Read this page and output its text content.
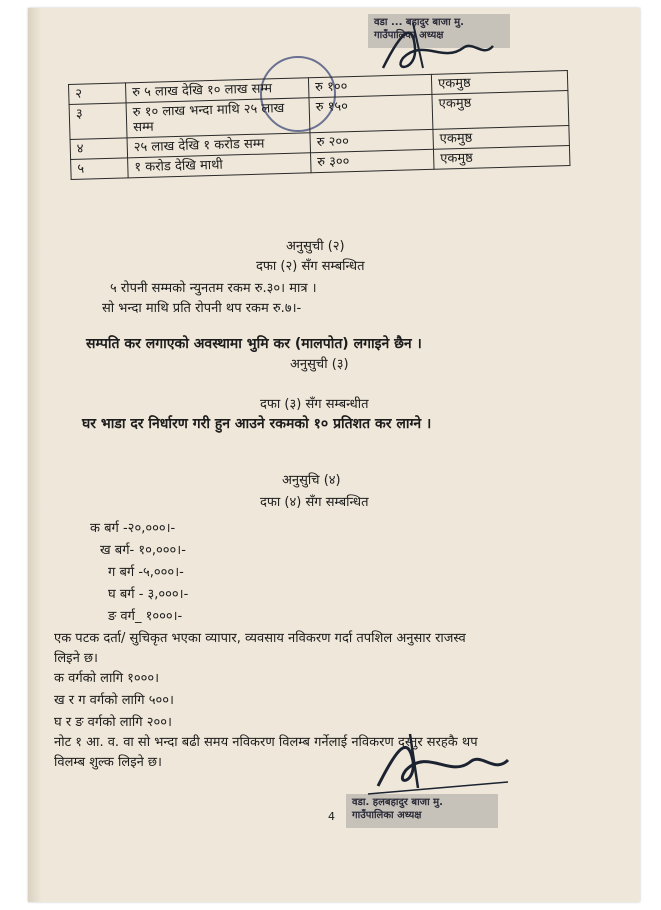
वडा ... बहादुर बाजा मु.
गाउँपालिका अध्यक्ष
२	रु ५ लाख देखि १० लाख सम्म	रु १००	एकमुष्ठ
३	रु १० लाख भन्दा माथि २५ लाख सम्म	रु १५०	एकमुष्ठ
४	२५ लाख देखि १ करोड सम्म	रु २००	एकमुष्ठ
५	१ करोड देखि माथी	रु ३००	एकमुष्ठ
अनुसुची (२)
दफा (२) सँग सम्बन्धित
५ रोपनी सम्मको न्युनतम रकम रु.३०। मात्र ।
सो भन्दा माथि प्रति रोपनी थप रकम रु.७।-
सम्पति कर लगाएको अवस्थामा भुमि कर (मालपोत) लगाइने छैन ।
अनुसुची (३)
दफा (३) सँग सम्बन्धीत
घर भाडा दर निर्धारण गरी हुन आउने रकमको १० प्रतिशत कर लाग्ने ।
अनुसुचि (४)
दफा (४) सँग सम्बन्धित
क बर्ग -२०,०००।-
ख बर्ग- १०,०००।-
ग बर्ग -५,०००।-
घ बर्ग - ३,०००।-
ङ वर्ग_ १०००।-
एक पटक दर्ता/ सुचिकृत भएका व्यापार, व्यवसाय नविकरण गर्दा तपशिल अनुसार राजस्व
लिइने छ।
क वर्गको लागि १०००।
ख र ग वर्गको लागि ५००।
घ र ङ वर्गको लागि २००।
नोट १ आ. व. वा सो भन्दा बढी समय नविकरण विलम्ब गर्नेलाई नविकरण दस्तुर सरहकै थप
विलम्ब शुल्क लिइने छ।
वडा. हलबहादुर बाजा मु.
गाउँपालिका अध्यक्ष
4
